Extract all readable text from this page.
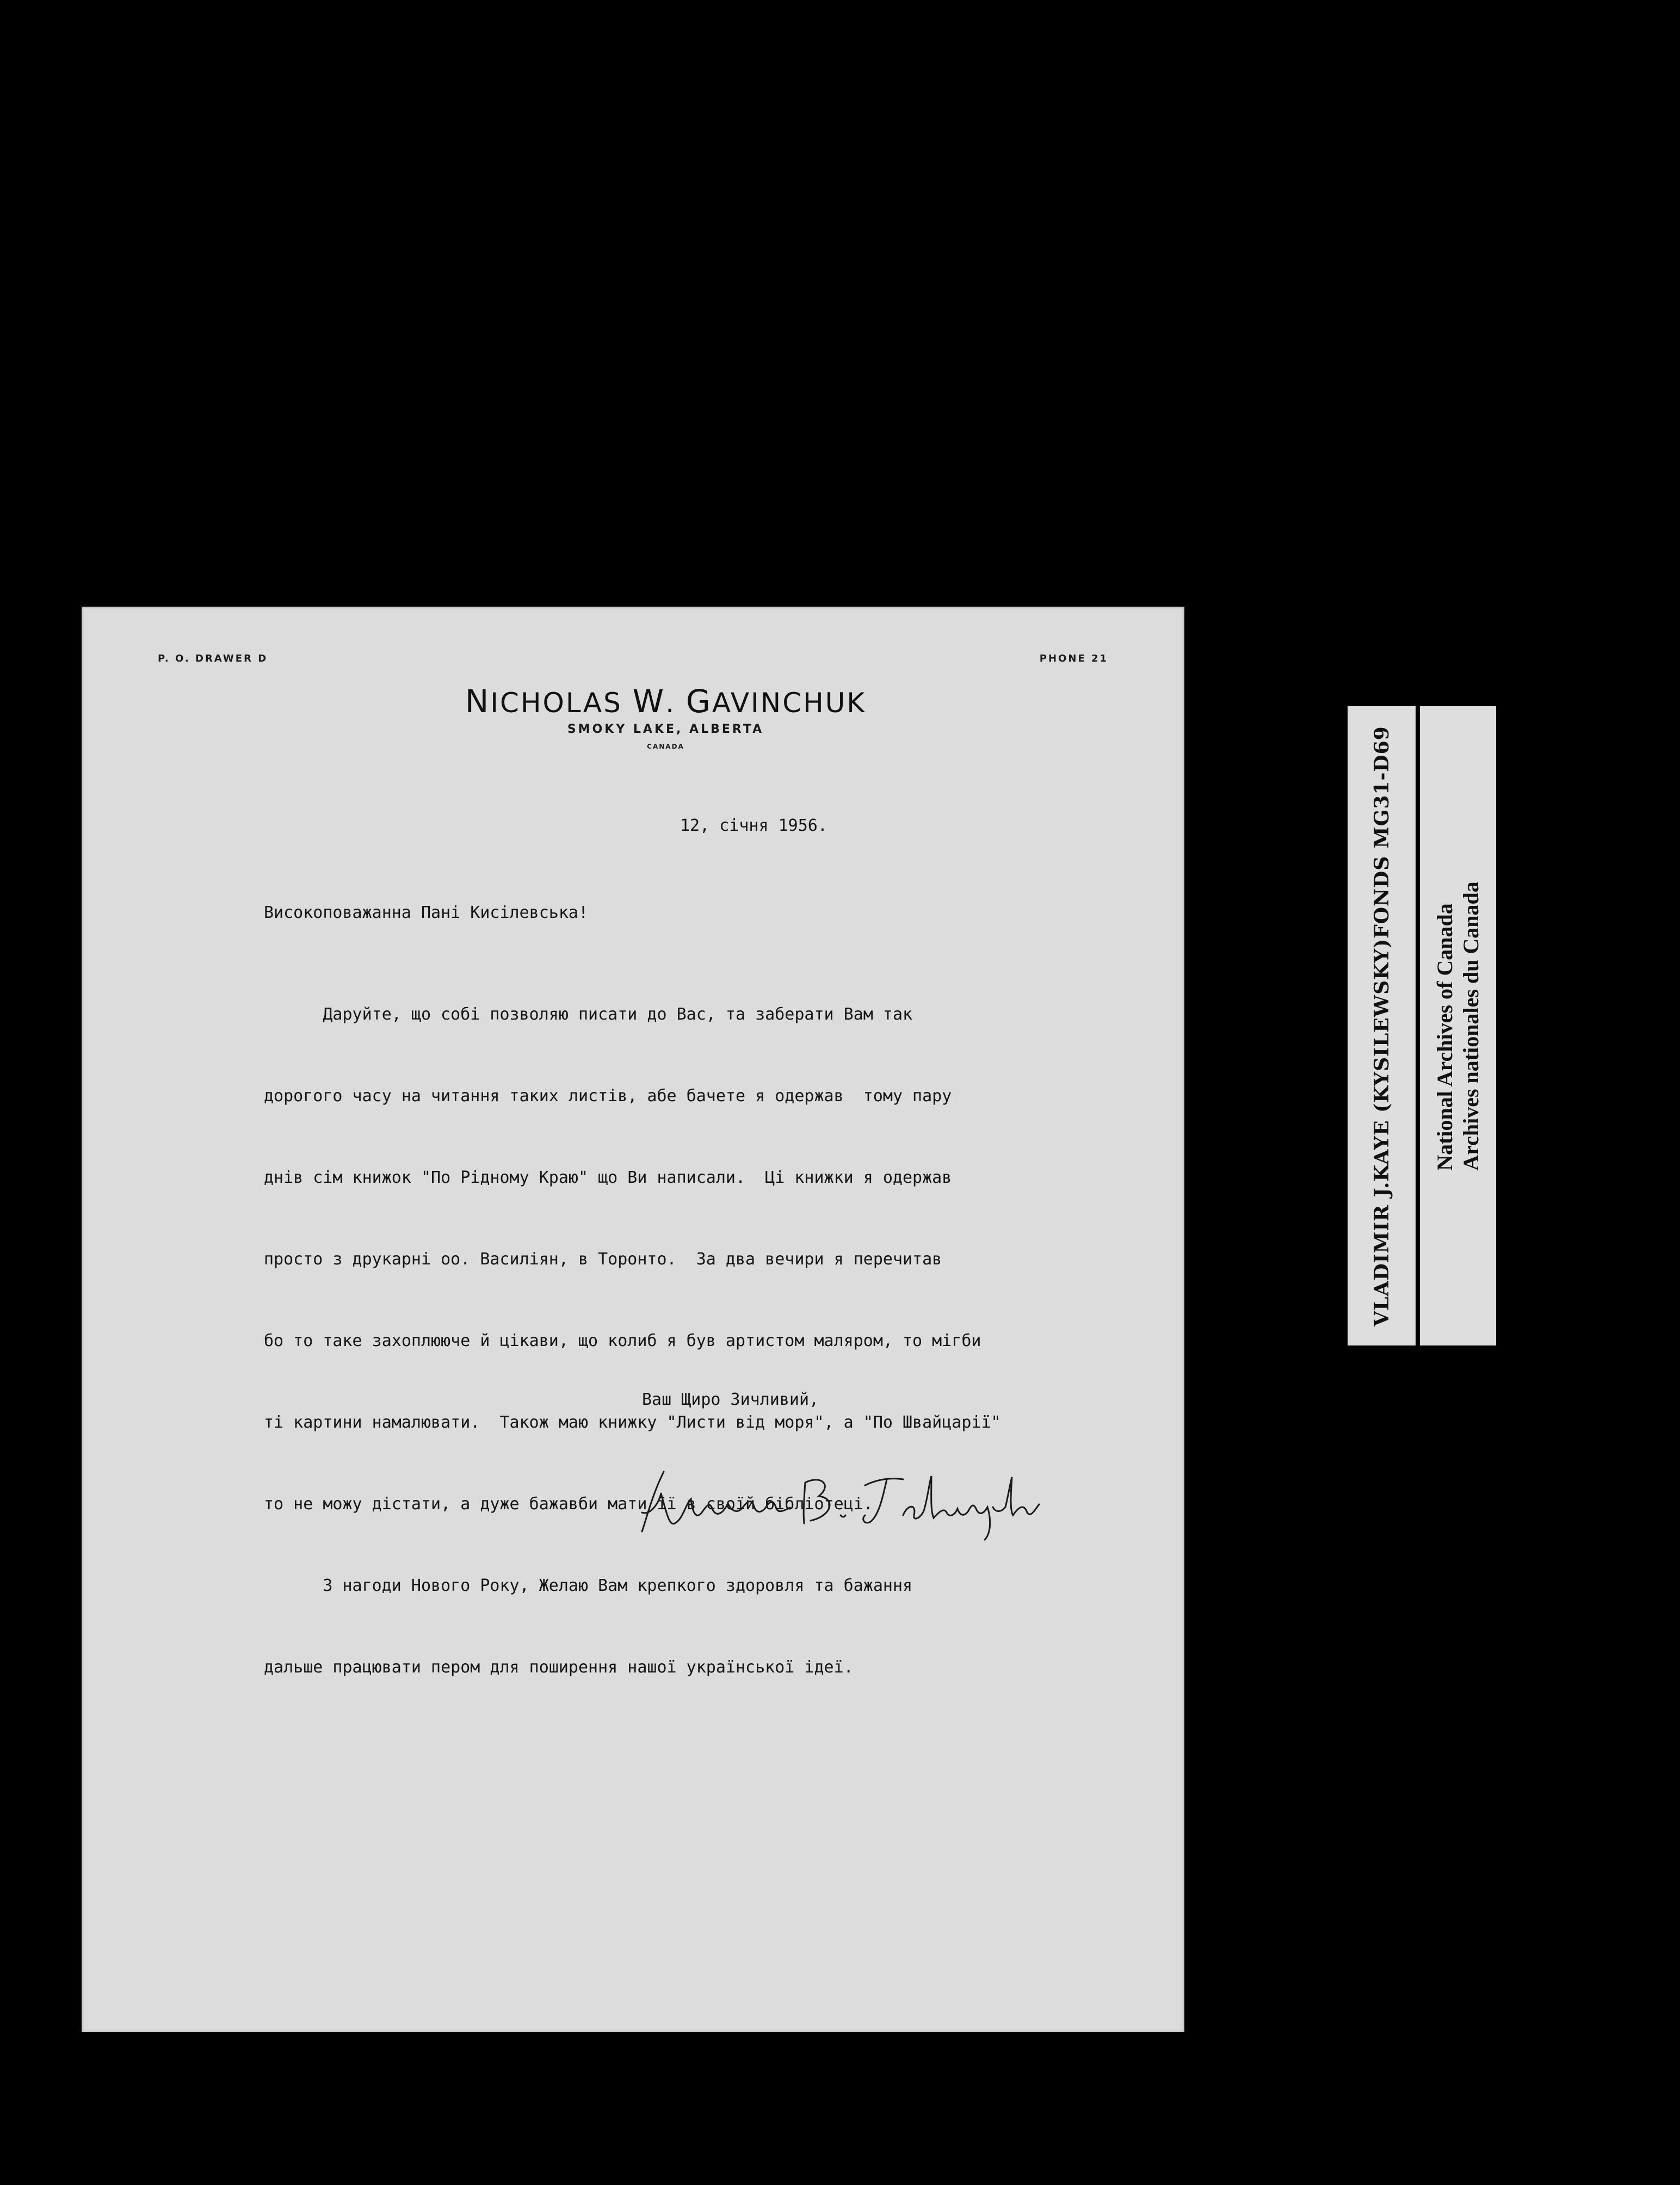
P. O. DRAWER D	PHONE 21
NICHOLAS W. GAVINCHUK
SMOKY LAKE, ALBERTA
CANADA
12, січня 1956.
Високоповажанна Пані Кисілевська!

Даруйте, що собі позволяю писати до Вас, та заберати Вам так

дорогого часу на читання таких листів, абе бачете я одержав  тому пару

днів сім книжок "По Рідному Краю" що Ви написали.  Ці книжки я одержав

просто з друкарні оо. Василіян, в Торонто.  За два вечири я перечитав

бо то таке захоплююче й цікави, що колиб я був артистом маляром, то мігби

ті картини намалювати.  Також маю книжку "Листи від моря", а "По Швайцарії"

то не можу дістати, а дуже бажавби мати її в своїй бібліотеці.

З нагоди Нового Року, Желаю Вам крепкого здоровля та бажання

дальше працювати пером для поширення нашої української ідеї.

Ваш Щиро Зичливий,
VLADIMIR J.KAYE (KYSILEWSKY)FONDS MG31-D69 National Archives of Canada Archives nationales du Canada
